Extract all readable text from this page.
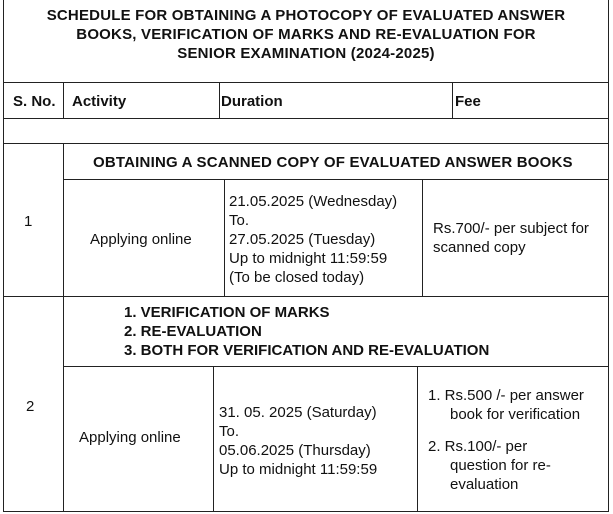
SCHEDULE FOR OBTAINING A PHOTOCOPY OF EVALUATED ANSWER
BOOKS, VERIFICATION OF MARKS AND RE-EVALUATION FOR
SENIOR EXAMINATION (2024-2025)
S. No. Activity	Duration	Fee
OBTAINING A SCANNED COPY OF EVALUATED ANSWER BOOKS
1
Applying online
21.05.2025 (Wednesday)
To.
27.05.2025 (Tuesday)
Up to midnight 11:59:59
(To be closed today)
Rs.700/- per subject for
scanned copy
1. VERIFICATION OF MARKS
2. RE-EVALUATION
3. BOTH FOR VERIFICATION AND RE-EVALUATION
2
Applying online
31. 05. 2025 (Saturday)
To.
05.06.2025 (Thursday)
Up to midnight 11:59:59
1. Rs.500 /- per answer
book for verification
2. Rs.100/- per
question for re-
evaluation
